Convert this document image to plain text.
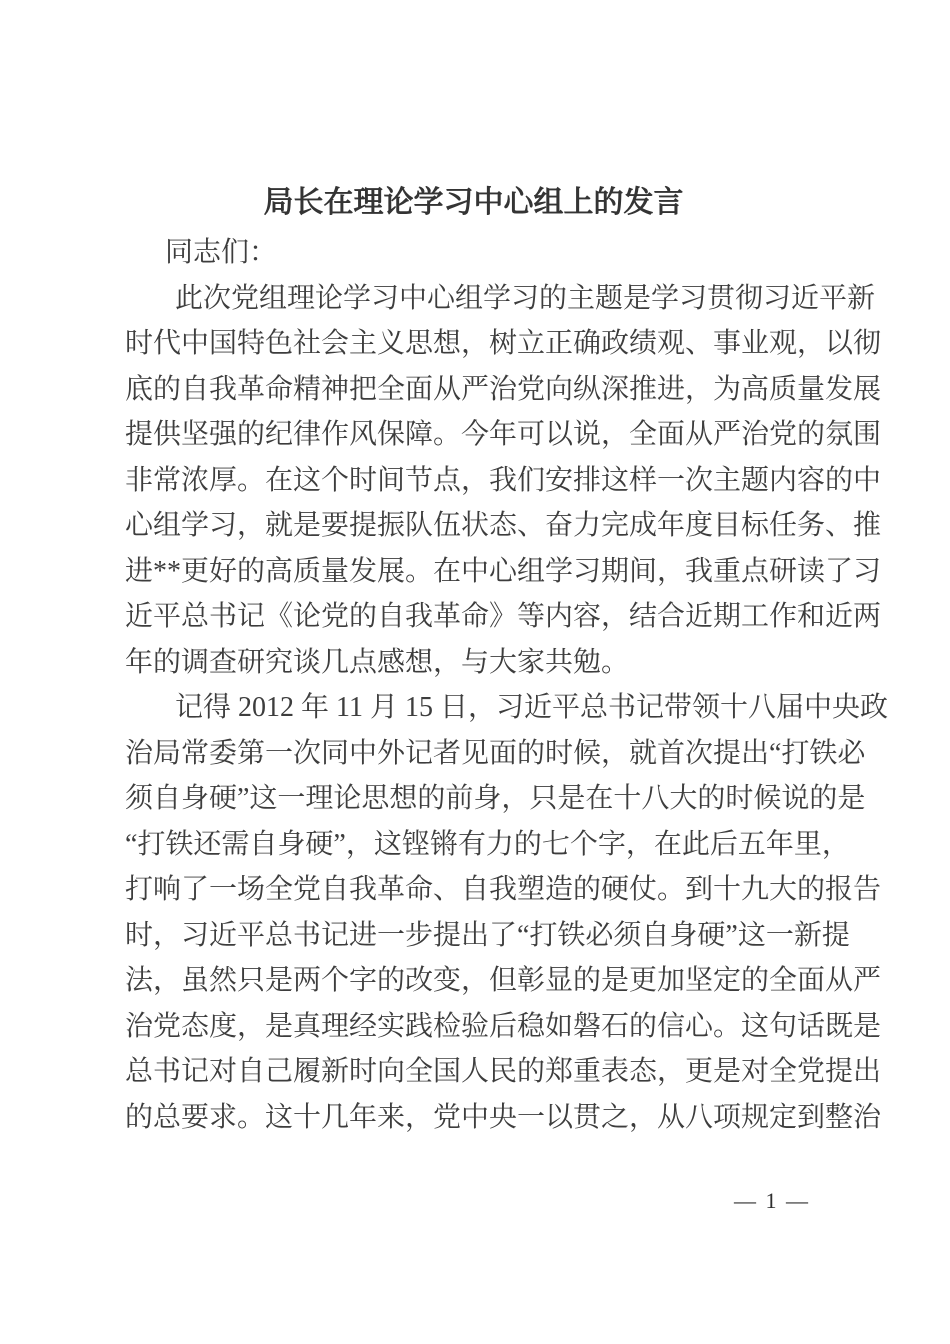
局长在理论学习中心组上的发言

同志们：

此次党组理论学习中心组学习的主题是学习贯彻习近平新
时代中国特色社会主义思想，树立正确政绩观、事业观，以彻
底的自我革命精神把全面从严治党向纵深推进，为高质量发展
提供坚强的纪律作风保障。今年可以说，全面从严治党的氛围
非常浓厚。在这个时间节点，我们安排这样一次主题内容的中
心组学习，就是要提振队伍状态、奋力完成年度目标任务、推
进**更好的高质量发展。在中心组学习期间，我重点研读了习
近平总书记《论党的自我革命》等内容，结合近期工作和近两
年的调查研究谈几点感想，与大家共勉。
记得 2012 年 11 月 15 日，习近平总书记带领十八届中央政
治局常委第一次同中外记者见面的时候，就首次提出“打铁必
须自身硬”这一理论思想的前身，只是在十八大的时候说的是
“打铁还需自身硬”，这铿锵有力的七个字，在此后五年里，
打响了一场全党自我革命、自我塑造的硬仗。到十九大的报告
时，习近平总书记进一步提出了“打铁必须自身硬”这一新提
法，虽然只是两个字的改变，但彰显的是更加坚定的全面从严
治党态度，是真理经实践检验后稳如磐石的信心。这句话既是
总书记对自己履新时向全国人民的郑重表态，更是对全党提出
的总要求。这十几年来，党中央一以贯之，从八项规定到整治
— 1 —
